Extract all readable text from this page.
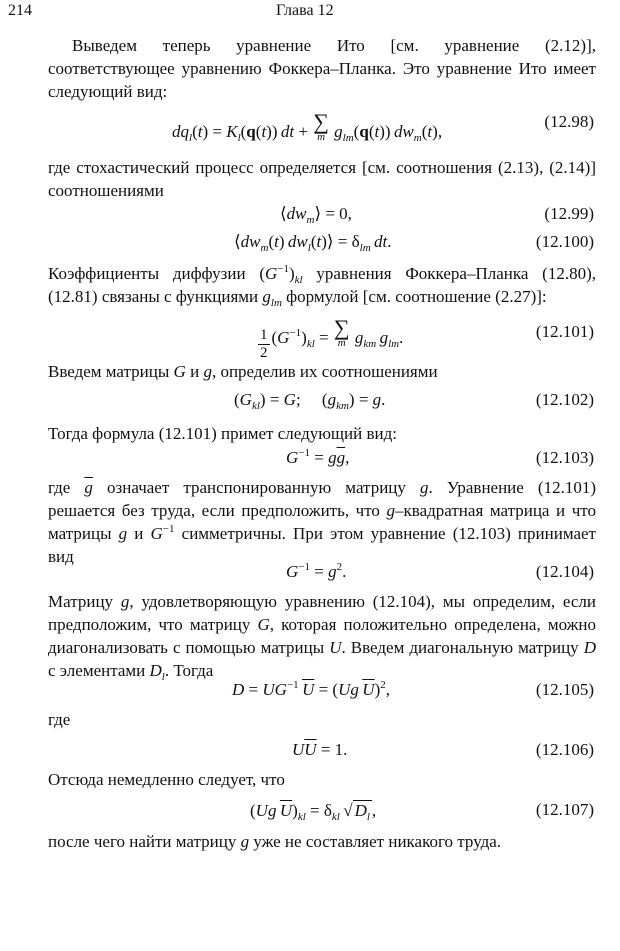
214	Глава 12
Выведем теперь уравнение Ито [см. уравнение (2.12)], соответствующее уравнению Фоккера–Планка. Это уравнение Ито имеет следующий вид:
$dq_l(t) = K_l(q(t))$ dt + ∑
m $g_{lm}(q(t))$ $dw_m(t)$,
(12.98)
где стохастический процесс определяется [см. соотношения (2.13), (2.14)] соотношениями
$⟨dw_m⟩ = 0$,	(12.99)
$⟨dw_m(t)$ $dw_l(t)⟩ = \delta_{lm}$  dt.	(12.100)
Коэффициенты диффузии $(G^{-1})_{kl}$ уравнения Фоккера–Планка (12.80), (12.81) связаны с функциями $g_{lm}$ формулой [см. соотношение (2.27)]:
$\frac{1}{2} (G^{-1})_{kl}$ = ∑
m $g_{km}$  $g_{lm}$.	(12.101)
Введем матрицы G и g, определив их соотношениями
$(G_{kl}) = G$;     $(g_{km}) = g$.	(12.102)
Тогда формула (12.101) примет следующий вид:
$G^{-1} = g\overline{g}$,	(12.103)
где $\overline{g}$ означает транспонированную матрицу g. Уравнение (12.101) решается без труда, если предположить, что g–квадратная матрица и что матрицы g и $G^{-1}$ симметричны. При этом уравнение (12.103) принимает вид
$G^{-1} = g^2$.	(12.104)
Матрицу g, удовлетворяющую уравнению (12.104), мы определим, если предположим, что матрицу G, которая положительно определена, можно диагонализовать с помощью матрицы U. Введем диагональную матрицу D с элементами $D_l$. Тогда
$D = UG^{-1}$  $\overline{U} = (Ug$  $\overline{U})^2$,	(12.105)
где
$U\overline{U} = 1$.	(12.106)
Отсюда немедленно следует, что
(Ug  $\overline{U})_{kl} = \delta_{kl}$ √ $D_l$ ,	(12.107)
после чего найти матрицу g уже не составляет никакого труда.
